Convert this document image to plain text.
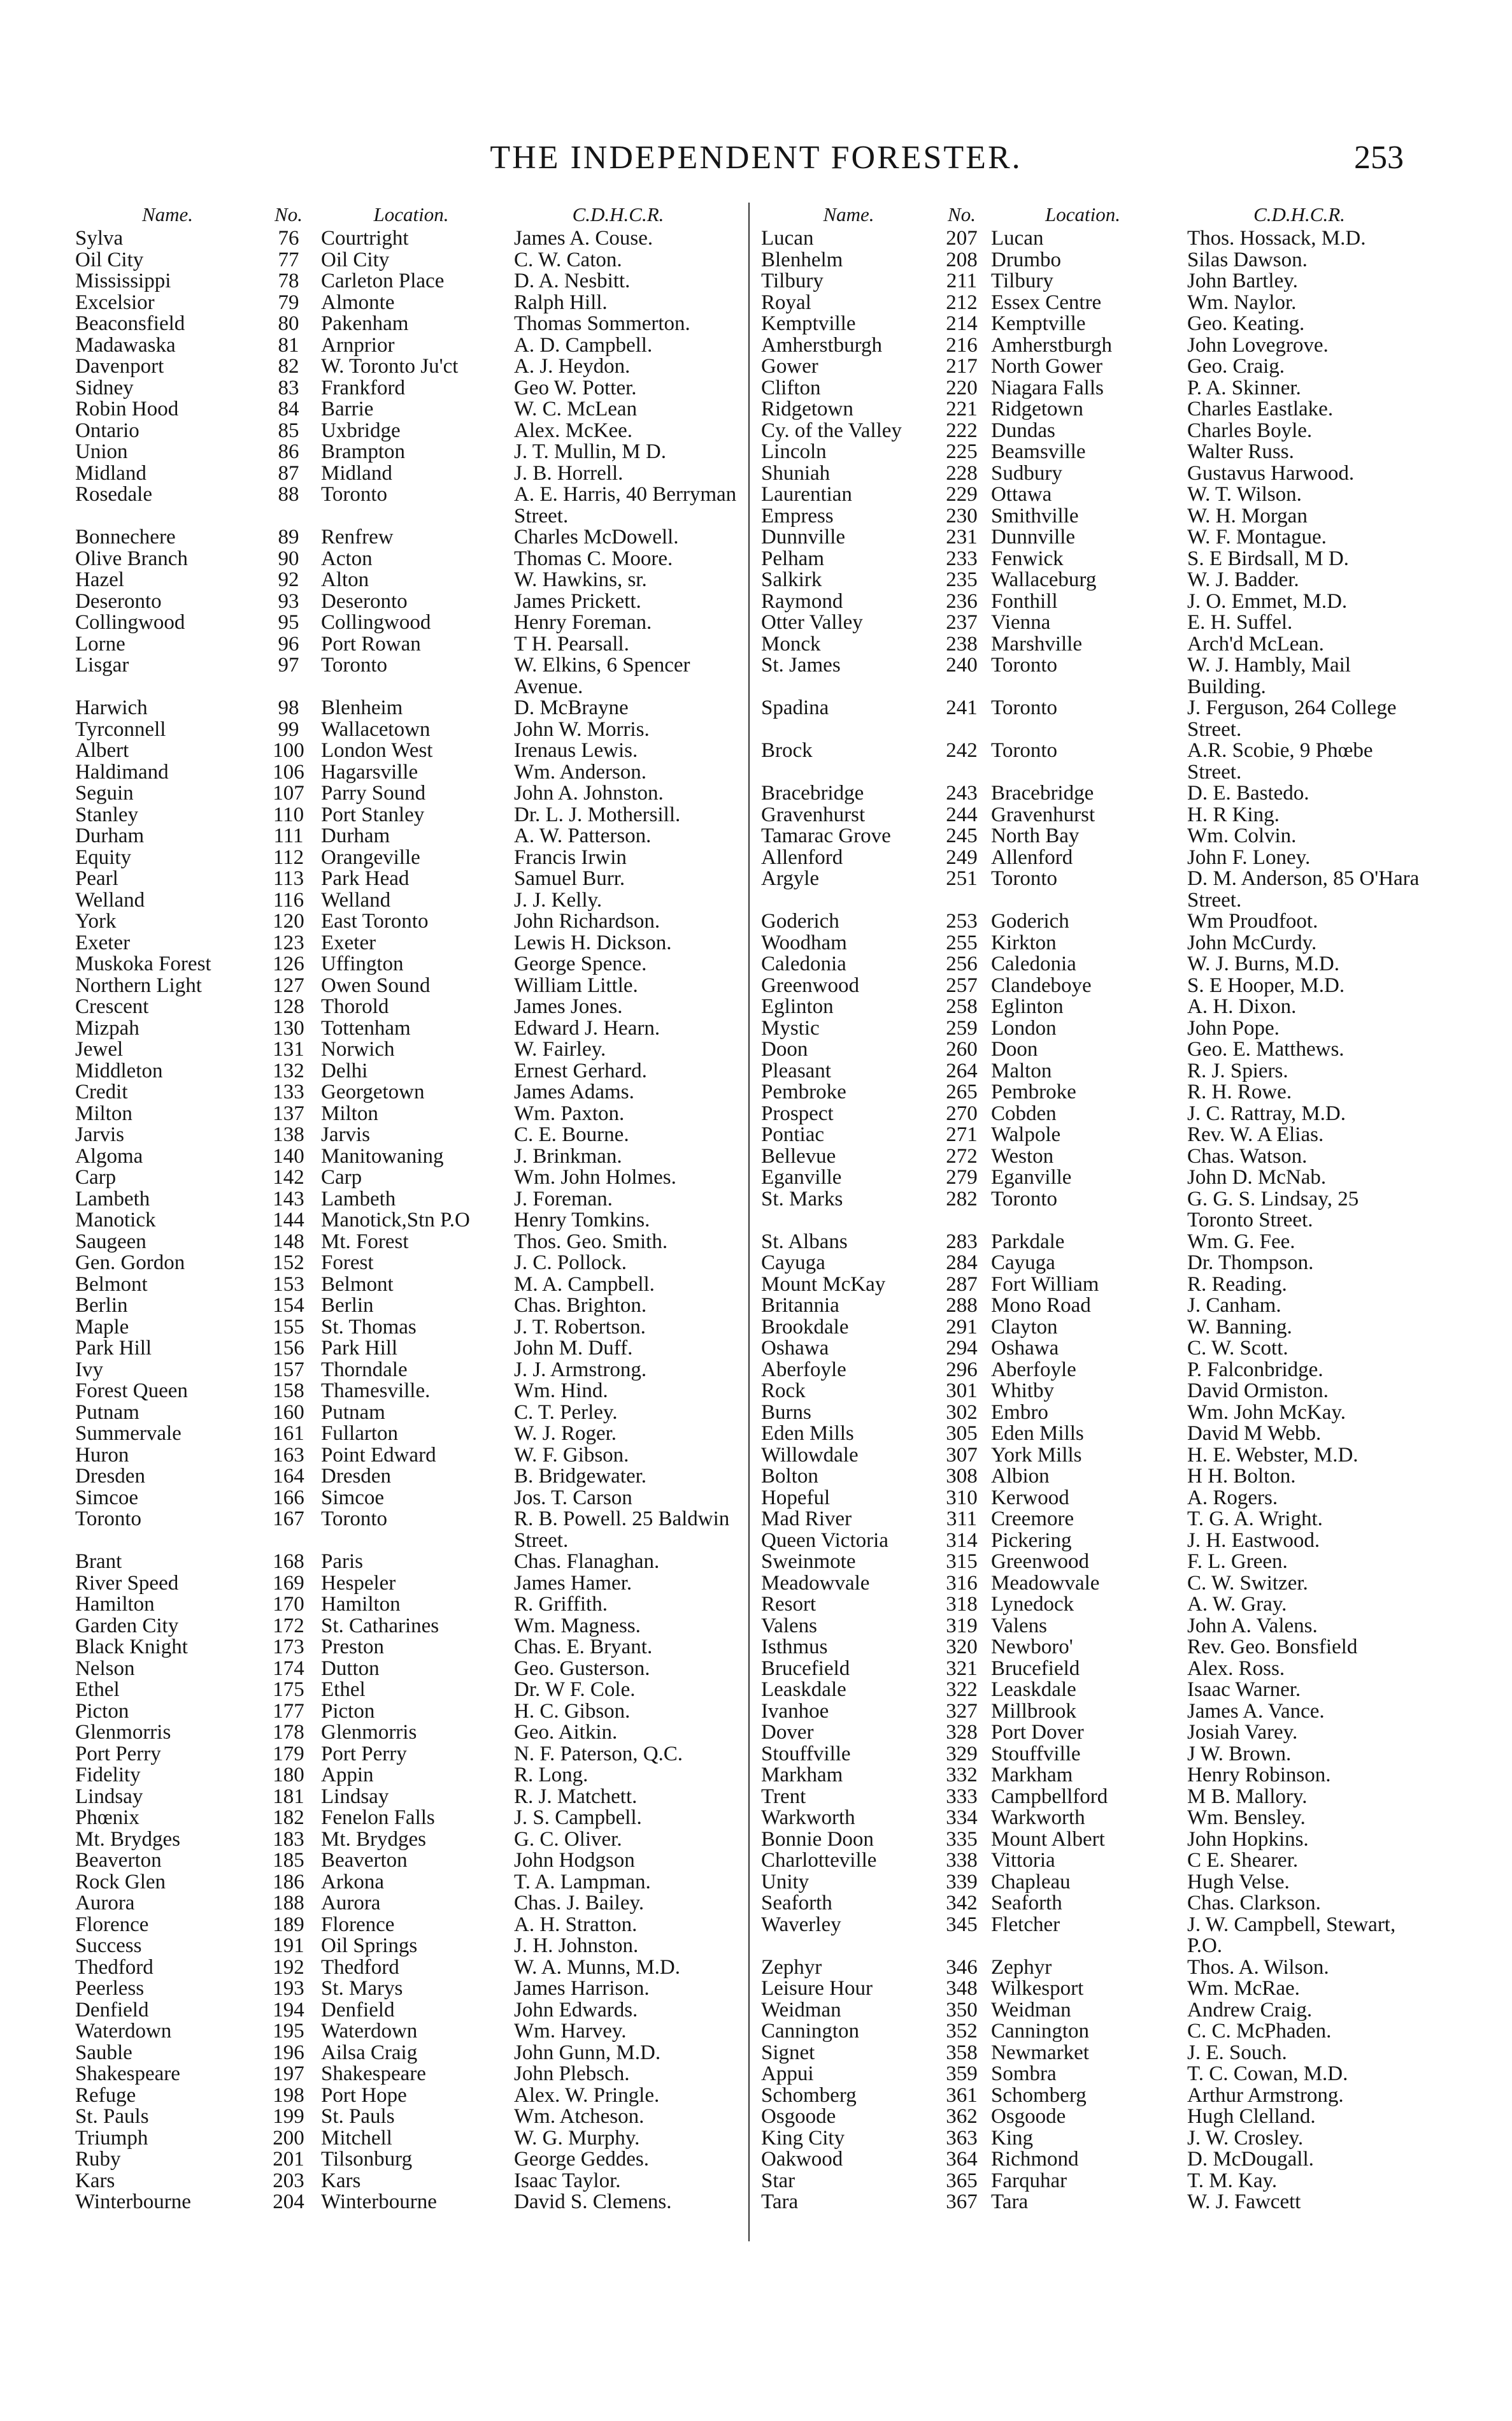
THE INDEPENDENT FORESTER.	253
Name.	No.	Location.	C.D.H.C.R.
Sylva	76	Courtright	James A. Couse.
Oil City	77	Oil City	C. W. Caton.
Mississippi	78	Carleton Place	D. A. Nesbitt.
Excelsior	79	Almonte	Ralph Hill.
Beaconsfield	80	Pakenham	Thomas Sommerton.
Madawaska	81	Arnprior	A. D. Campbell.
Davenport	82	W. Toronto Ju'ct	A. J. Heydon.
Sidney	83	Frankford	Geo W. Potter.
Robin Hood	84	Barrie	W. C. McLean
Ontario	85	Uxbridge	Alex. McKee.
Union	86	Brampton	J. T. Mullin, M D.
Midland	87	Midland	J. B. Horrell.
Rosedale	88	Toronto	A. E. Harris, 40 Berryman Street.
Bonnechere	89	Renfrew	Charles McDowell.
Olive Branch	90	Acton	Thomas C. Moore.
Hazel	92	Alton	W. Hawkins, sr.
Deseronto	93	Deseronto	James Prickett.
Collingwood	95	Collingwood	Henry Foreman.
Lorne	96	Port Rowan	T H. Pearsall.
Lisgar	97	Toronto	W. Elkins, 6 Spencer Avenue.
Harwich	98	Blenheim	D. McBrayne
Tyrconnell	99	Wallacetown	John W. Morris.
Albert	100 London West	Irenaus Lewis.
Haldimand	106 Hagarsville	Wm. Anderson.
Seguin	107 Parry Sound	John A. Johnston.
Stanley	110 Port Stanley	Dr. L. J. Mothersill.
Durham	111 Durham	A. W. Patterson.
Equity	112 Orangeville	Francis Irwin
Pearl	113 Park Head	Samuel Burr.
Welland	116 Welland	J. J. Kelly.
York	120 East Toronto	John Richardson.
Exeter	123 Exeter	Lewis H. Dickson.
Muskoka Forest	126 Uffington	George Spence.
Northern Light	127 Owen Sound	William Little.
Crescent	128 Thorold	James Jones.
Mizpah	130 Tottenham	Edward J. Hearn.
Jewel	131 Norwich	W. Fairley.
Middleton	132 Delhi	Ernest Gerhard.
Credit	133 Georgetown	James Adams.
Milton	137 Milton	Wm. Paxton.
Jarvis	138 Jarvis	C. E. Bourne.
Algoma	140 Manitowaning	J. Brinkman.
Carp	142 Carp	Wm. John Holmes.
Lambeth	143 Lambeth	J. Foreman.
Manotick	144 Manotick,Stn P.O	Henry Tomkins.
Saugeen	148 Mt. Forest	Thos. Geo. Smith.
Gen. Gordon	152 Forest	J. C. Pollock.
Belmont	153 Belmont	M. A. Campbell.
Berlin	154 Berlin	Chas. Brighton.
Maple	155 St. Thomas	J. T. Robertson.
Park Hill	156 Park Hill	John M. Duff.
Ivy	157 Thorndale	J. J. Armstrong.
Forest Queen	158 Thamesville.	Wm. Hind.
Putnam	160 Putnam	C. T. Perley.
Summervale	161 Fullarton	W. J. Roger.
Huron	163 Point Edward	W. F. Gibson.
Dresden	164 Dresden	B. Bridgewater.
Simcoe	166 Simcoe	Jos. T. Carson
Toronto	167 Toronto	R. B. Powell. 25 Baldwin Street.
Brant	168 Paris	Chas. Flanaghan.
River Speed	169 Hespeler	James Hamer.
Hamilton	170 Hamilton	R. Griffith.
Garden City	172 St. Catharines	Wm. Magness.
Black Knight	173 Preston	Chas. E. Bryant.
Nelson	174 Dutton	Geo. Gusterson.
Ethel	175 Ethel	Dr. W F. Cole.
Picton	177 Picton	H. C. Gibson.
Glenmorris	178 Glenmorris	Geo. Aitkin.
Port Perry	179 Port Perry	N. F. Paterson, Q.C.
Fidelity	180 Appin	R. Long.
Lindsay	181 Lindsay	R. J. Matchett.
Phœnix	182 Fenelon Falls	J. S. Campbell.
Mt. Brydges	183 Mt. Brydges	G. C. Oliver.
Beaverton	185 Beaverton	John Hodgson
Rock Glen	186 Arkona	T. A. Lampman.
Aurora	188 Aurora	Chas. J. Bailey.
Florence	189 Florence	A. H. Stratton.
Success	191 Oil Springs	J. H. Johnston.
Thedford	192 Thedford	W. A. Munns, M.D.
Peerless	193 St. Marys	James Harrison.
Denfield	194 Denfield	John Edwards.
Waterdown	195 Waterdown	Wm. Harvey.
Sauble	196 Ailsa Craig	John Gunn, M.D.
Shakespeare	197 Shakespeare	John Plebsch.
Refuge	198 Port Hope	Alex. W. Pringle.
St. Pauls	199 St. Pauls	Wm. Atcheson.
Triumph	200 Mitchell	W. G. Murphy.
Ruby	201 Tilsonburg	George Geddes.
Kars	203 Kars	Isaac Taylor.
Winterbourne	204 Winterbourne	David S. Clemens.
Name.	No.	Location.	C.D.H.C.R.
Lucan	207 Lucan	Thos. Hossack, M.D.
Blenhelm	208 Drumbo	Silas Dawson.
Tilbury	211 Tilbury	John Bartley.
Royal	212 Essex Centre	Wm. Naylor.
Kemptville	214 Kemptville	Geo. Keating.
Amherstburgh	216 Amherstburgh	John Lovegrove.
Gower	217 North Gower	Geo. Craig.
Clifton	220 Niagara Falls	P. A. Skinner.
Ridgetown	221 Ridgetown	Charles Eastlake.
Cy. of the Valley	222 Dundas	Charles Boyle.
Lincoln	225 Beamsville	Walter Russ.
Shuniah	228 Sudbury	Gustavus Harwood.
Laurentian	229 Ottawa	W. T. Wilson.
Empress	230 Smithville	W. H. Morgan
Dunnville	231 Dunnville	W. F. Montague.
Pelham	233 Fenwick	S. E Birdsall, M D.
Salkirk	235 Wallaceburg	W. J. Badder.
Raymond	236 Fonthill	J. O. Emmet, M.D.
Otter Valley	237 Vienna	E. H. Suffel.
Monck	238 Marshville	Arch'd McLean.
St. James	240 Toronto	W. J. Hambly, Mail Building.
Spadina	241 Toronto	J. Ferguson, 264 College Street.
Brock	242 Toronto	A.R. Scobie, 9 Phœbe Street.
Bracebridge	243 Bracebridge	D. E. Bastedo.
Gravenhurst	244 Gravenhurst	H. R King.
Tamarac Grove	245 North Bay	Wm. Colvin.
Allenford	249 Allenford	John F. Loney.
Argyle	251 Toronto	D. M. Anderson, 85 O'Hara Street.
Goderich	253 Goderich	Wm Proudfoot.
Woodham	255 Kirkton	John McCurdy.
Caledonia	256 Caledonia	W. J. Burns, M.D.
Greenwood	257 Clandeboye	S. E Hooper, M.D.
Eglinton	258 Eglinton	A. H. Dixon.
Mystic	259 London	John Pope.
Doon	260 Doon	Geo. E. Matthews.
Pleasant	264 Malton	R. J. Spiers.
Pembroke	265 Pembroke	R. H. Rowe.
Prospect	270 Cobden	J. C. Rattray, M.D.
Pontiac	271 Walpole	Rev. W. A Elias.
Bellevue	272 Weston	Chas. Watson.
Eganville	279 Eganville	John D. McNab.
St. Marks	282 Toronto	G. G. S. Lindsay, 25 Toronto Street.
St. Albans	283 Parkdale	Wm. G. Fee.
Cayuga	284 Cayuga	Dr. Thompson.
Mount McKay	287 Fort William	R. Reading.
Britannia	288 Mono Road	J. Canham.
Brookdale	291 Clayton	W. Banning.
Oshawa	294 Oshawa	C. W. Scott.
Aberfoyle	296 Aberfoyle	P. Falconbridge.
Rock	301 Whitby	David Ormiston.
Burns	302 Embro	Wm. John McKay.
Eden Mills	305 Eden Mills	David M Webb.
Willowdale	307 York Mills	H. E. Webster, M.D.
Bolton	308 Albion	H H. Bolton.
Hopeful	310 Kerwood	A. Rogers.
Mad River	311 Creemore	T. G. A. Wright.
Queen Victoria	314 Pickering	J. H. Eastwood.
Sweinmote	315 Greenwood	F. L. Green.
Meadowvale	316 Meadowvale	C. W. Switzer.
Resort	318 Lynedock	A. W. Gray.
Valens	319 Valens	John A. Valens.
Isthmus	320 Newboro'	Rev. Geo. Bonsfield
Brucefield	321 Brucefield	Alex. Ross.
Leaskdale	322 Leaskdale	Isaac Warner.
Ivanhoe	327 Millbrook	James A. Vance.
Dover	328 Port Dover	Josiah Varey.
Stouffville	329 Stouffville	J W. Brown.
Markham	332 Markham	Henry Robinson.
Trent	333 Campbellford	M B. Mallory.
Warkworth	334 Warkworth	Wm. Bensley.
Bonnie Doon	335 Mount Albert	John Hopkins.
Charlotteville	338 Vittoria	C E. Shearer.
Unity	339 Chapleau	Hugh Velse.
Seaforth	342 Seaforth	Chas. Clarkson.
Waverley	345 Fletcher	J. W. Campbell, Stewart, P.O.
Zephyr	346 Zephyr	Thos. A. Wilson.
Leisure Hour	348 Wilkesport	Wm. McRae.
Weidman	350 Weidman	Andrew Craig.
Cannington	352 Cannington	C. C. McPhaden.
Signet	358 Newmarket	J. E. Souch.
Appui	359 Sombra	T. C. Cowan, M.D.
Schomberg	361 Schomberg	Arthur Armstrong.
Osgoode	362 Osgoode	Hugh Clelland.
King City	363 King	J. W. Crosley.
Oakwood	364 Richmond	D. McDougall.
Star	365 Farquhar	T. M. Kay.
Tara	367 Tara	W. J. Fawcett
